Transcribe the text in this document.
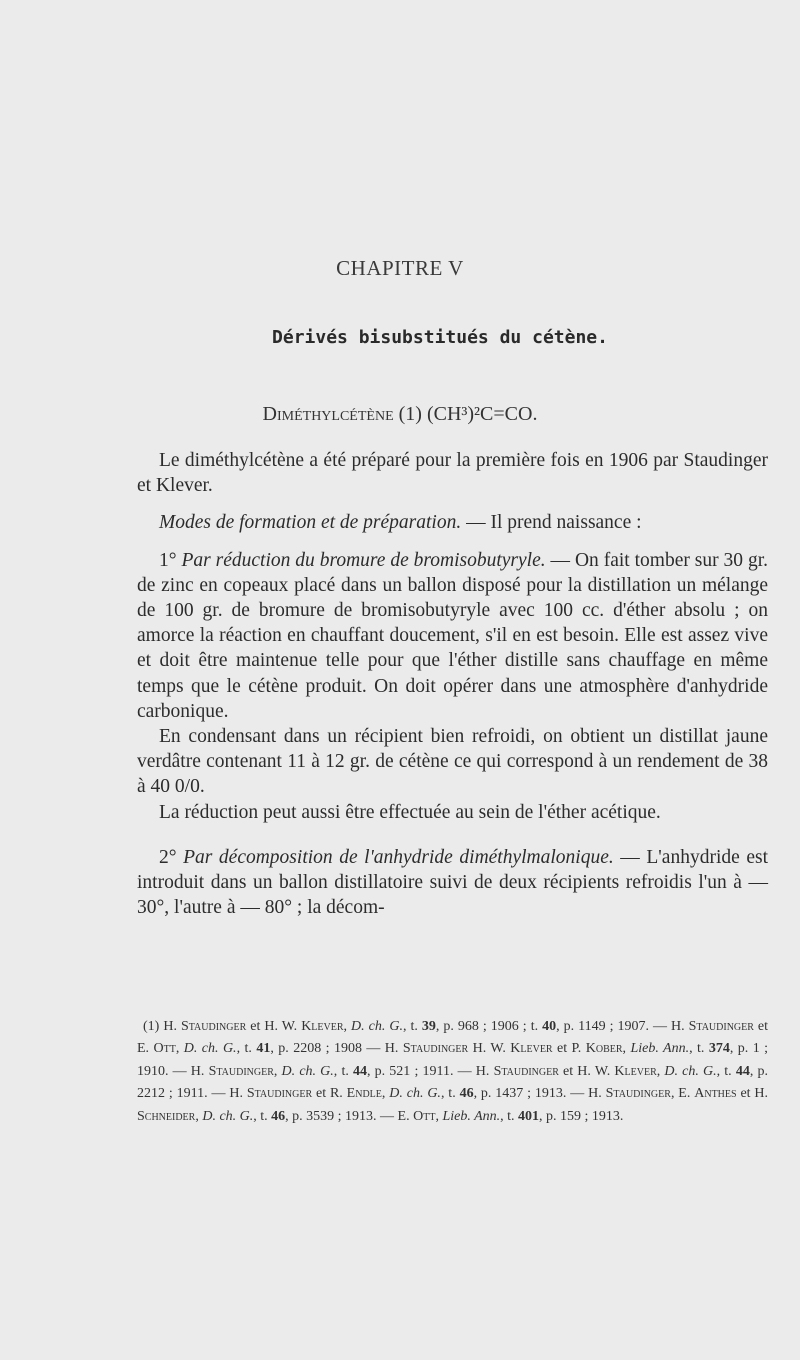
CHAPITRE V
Dérivés bisubstitués du cétène.
Diméthylcétène (1) (CH³)²C=CO.

Le diméthylcétène a été préparé pour la première fois en 1906 par Staudinger et Klever.

Modes de formation et de préparation. — Il prend naissance :

1° Par réduction du bromure de bromisobutyryle. — On fait tomber sur 30 gr. de zinc en copeaux placé dans un ballon disposé pour la distillation un mélange de 100 gr. de bromure de bromisobutyryle avec 100 cc. d'éther absolu ; on amorce la réaction en chauffant doucement, s'il en est besoin. Elle est assez vive et doit être maintenue telle pour que l'éther distille sans chauffage en même temps que le cétène produit. On doit opérer dans une atmosphère d'anhydride carbonique.

En condensant dans un récipient bien refroidi, on obtient un distillat jaune verdâtre contenant 11 à 12 gr. de cétène ce qui correspond à un rendement de 38 à 40 0/0.

La réduction peut aussi être effectuée au sein de l'éther acétique.

2° Par décomposition de l'anhydride diméthylmalonique. — L'anhydride est introduit dans un ballon distillatoire suivi de deux récipients refroidis l'un à — 30°, l'autre à — 80° ; la décom-

(1) H. Staudinger et H. W. Klever, D. ch. G., t. 39, p. 968 ; 1906 ; t. 40, p. 1149 ; 1907. — H. Staudinger et E. Ott, D. ch. G., t. 41, p. 2208 ; 1908 — H. Staudinger H. W. Klever et P. Kober, Lieb. Ann., t. 374, p. 1 ; 1910. — H. Staudinger, D. ch. G., t. 44, p. 521 ; 1911. — H. Staudinger et H. W. Klever, D. ch. G., t. 44, p. 2212 ; 1911. — H. Staudinger et R. Endle, D. ch. G., t. 46, p. 1437 ; 1913. — H. Staudinger, E. Anthes et H. Schneider, D. ch. G., t. 46, p. 3539 ; 1913. — E. Ott, Lieb. Ann., t. 401, p. 159 ; 1913.
